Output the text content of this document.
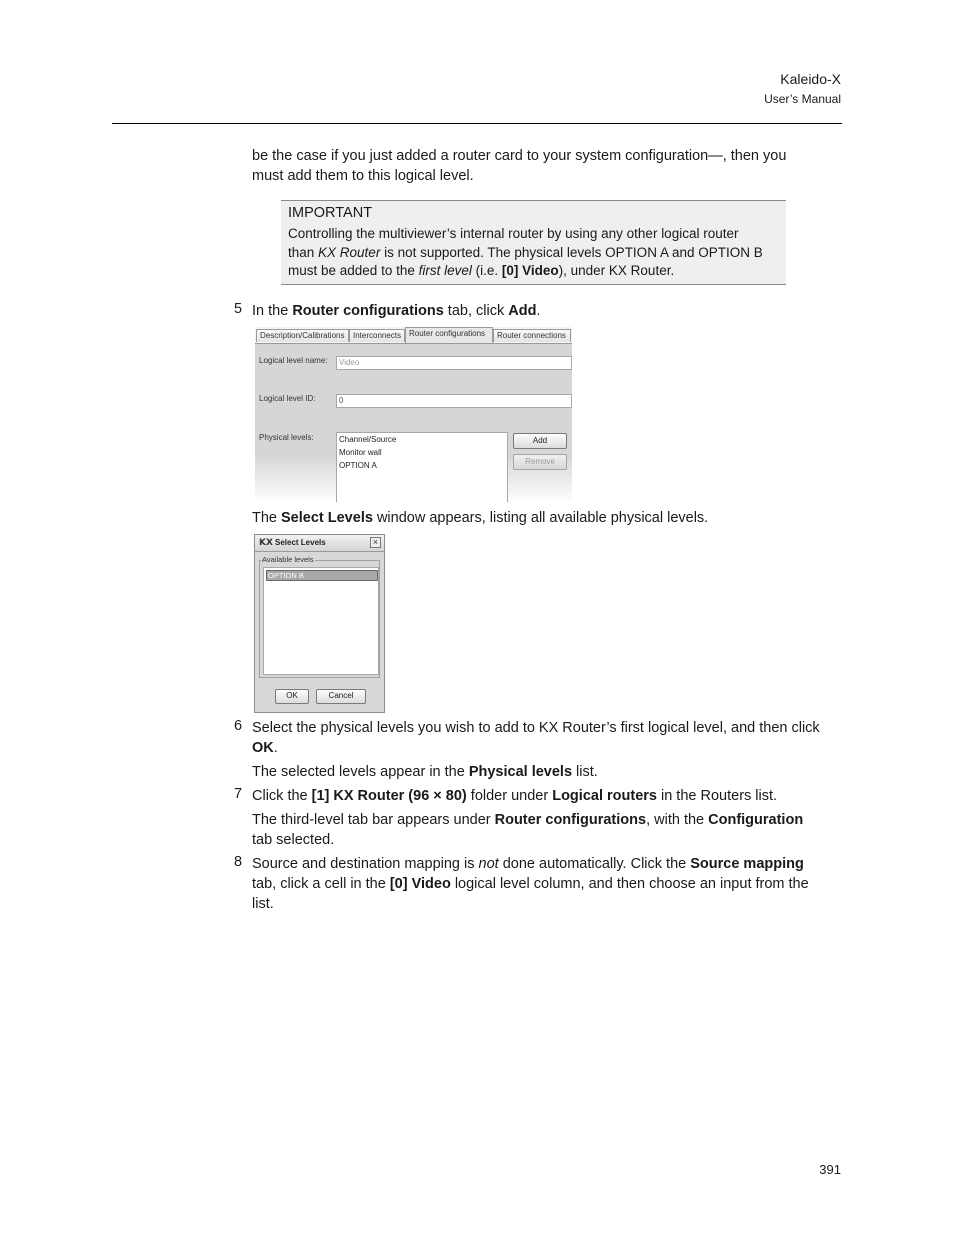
Kaleido-X
User’s Manual
be the case if you just added a router card to your system configuration—, then you
must add them to this logical level.
IMPORTANT
Controlling the multiviewer’s internal router by using any other logical router
than KX Router is not supported. The physical levels OPTION A and OPTION B
must be added to the first level (i.e. [0] Video), under KX Router.
5 In the Router configurations tab, click Add.
Description/Calibrations	Interconnects Router configurations	Router connections
Logical level name:	Video
Logical level ID:	0
Physical levels:	Channel/Source
Monitor wall
OPTION A
Add
Remove
The Select Levels window appears, listing all available physical levels.
KX Select Levels	×
Available levels
OPTION B
OK	Cancel
6 Select the physical levels you wish to add to KX Router’s first logical level, and then click
OK.
The selected levels appear in the Physical levels list.
7 Click the [1] KX Router (96 × 80) folder under Logical routers in the Routers list.
The third-level tab bar appears under Router configurations, with the Configuration
tab selected.
8 Source and destination mapping is not done automatically. Click the Source mapping
tab, click a cell in the [0] Video logical level column, and then choose an input from the
list.
391
